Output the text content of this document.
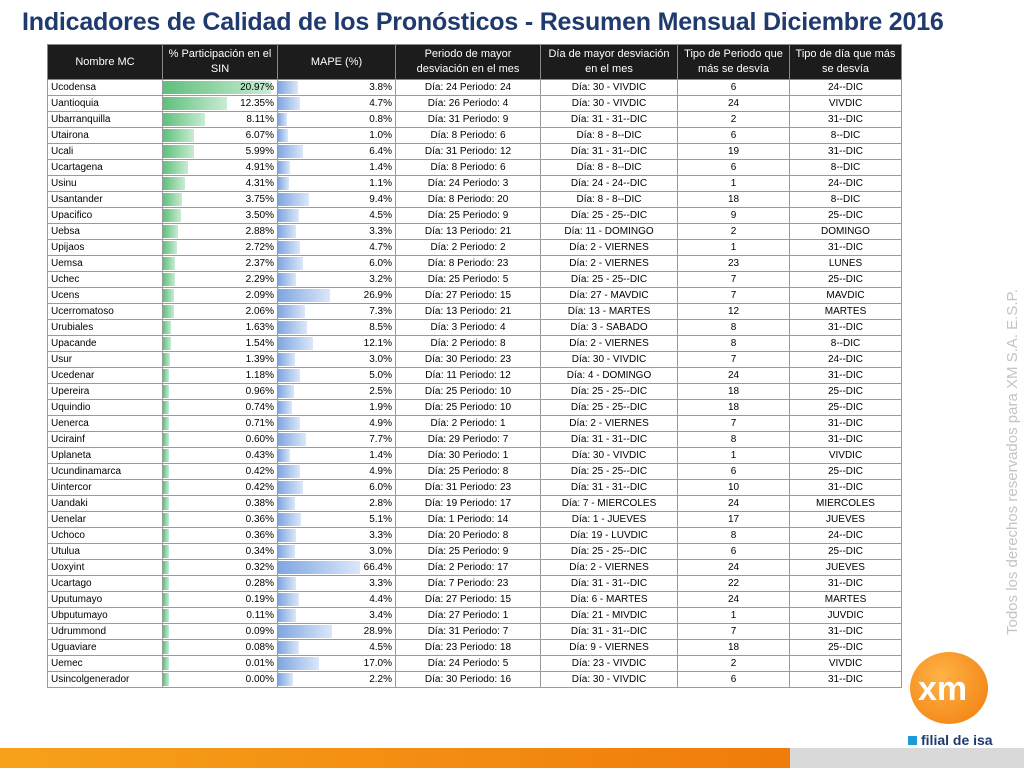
Indicadores de Calidad de los Pronósticos - Resumen Mensual Diciembre 2016
Nombre MC	% Participación en el SIN	MAPE (%)	Periodo de mayor desviación en el mes	Día de mayor desviación en el mes	Tipo de Periodo que más se desvía	Tipo de día que más se desvía
Ucodensa	20.97%	3.8%	Día: 24 Periodo: 24	Día: 30 - VIVDIC	6	24--DIC
Uantioquia	12.35%	4.7%	Día: 26 Periodo: 4	Día: 30 - VIVDIC	24	VIVDIC
Ubarranquilla	8.11%	0.8%	Día: 31 Periodo: 9	Día: 31 - 31--DIC	2	31--DIC
Utairona	6.07%	1.0%	Día: 8 Periodo: 6	Día: 8 - 8--DIC	6	8--DIC
Ucali	5.99%	6.4%	Día: 31 Periodo: 12	Día: 31 - 31--DIC	19	31--DIC
Ucartagena	4.91%	1.4%	Día: 8 Periodo: 6	Día: 8 - 8--DIC	6	8--DIC
Usinu	4.31%	1.1%	Día: 24 Periodo: 3	Día: 24 - 24--DIC	1	24--DIC
Usantander	3.75%	9.4%	Día: 8 Periodo: 20	Día: 8 - 8--DIC	18	8--DIC
Upacifico	3.50%	4.5%	Día: 25 Periodo: 9	Día: 25 - 25--DIC	9	25--DIC
Uebsa	2.88%	3.3%	Día: 13 Periodo: 21	Día: 11 - DOMINGO	2	DOMINGO
Upijaos	2.72%	4.7%	Día: 2 Periodo: 2	Día: 2 - VIERNES	1	31--DIC
Uemsa	2.37%	6.0%	Día: 8 Periodo: 23	Día: 2 - VIERNES	23	LUNES
Uchec	2.29%	3.2%	Día: 25 Periodo: 5	Día: 25 - 25--DIC	7	25--DIC
Ucens	2.09%	26.9%	Día: 27 Periodo: 15	Día: 27 - MAVDIC	7	MAVDIC
Ucerromatoso	2.06%	7.3%	Día: 13 Periodo: 21	Día: 13 - MARTES	12	MARTES
Urubiales	1.63%	8.5%	Día: 3 Periodo: 4	Día: 3 - SABADO	8	31--DIC
Upacande	1.54%	12.1%	Día: 2 Periodo: 8	Día: 2 - VIERNES	8	8--DIC
Usur	1.39%	3.0%	Día: 30 Periodo: 23	Día: 30 - VIVDIC	7	24--DIC
Ucedenar	1.18%	5.0%	Día: 11 Periodo: 12	Día: 4 - DOMINGO	24	31--DIC
Upereira	0.96%	2.5%	Día: 25 Periodo: 10	Día: 25 - 25--DIC	18	25--DIC
Uquindio	0.74%	1.9%	Día: 25 Periodo: 10	Día: 25 - 25--DIC	18	25--DIC
Uenerca	0.71%	4.9%	Día: 2 Periodo: 1	Día: 2 - VIERNES	7	31--DIC
Ucirainf	0.60%	7.7%	Día: 29 Periodo: 7	Día: 31 - 31--DIC	8	31--DIC
Uplaneta	0.43%	1.4%	Día: 30 Periodo: 1	Día: 30 - VIVDIC	1	VIVDIC
Ucundinamarca	0.42%	4.9%	Día: 25 Periodo: 8	Día: 25 - 25--DIC	6	25--DIC
Uintercor	0.42%	6.0%	Día: 31 Periodo: 23	Día: 31 - 31--DIC	10	31--DIC
Uandaki	0.38%	2.8%	Día: 19 Periodo: 17	Día: 7 - MIERCOLES	24	MIERCOLES
Uenelar	0.36%	5.1%	Día: 1 Periodo: 14	Día: 1 - JUEVES	17	JUEVES
Uchoco	0.36%	3.3%	Día: 20 Periodo: 8	Día: 19 - LUVDIC	8	24--DIC
Utulua	0.34%	3.0%	Día: 25 Periodo: 9	Día: 25 - 25--DIC	6	25--DIC
Uoxyint	0.32%	66.4%	Día: 2 Periodo: 17	Día: 2 - VIERNES	24	JUEVES
Ucartago	0.28%	3.3%	Día: 7 Periodo: 23	Día: 31 - 31--DIC	22	31--DIC
Uputumayo	0.19%	4.4%	Día: 27 Periodo: 15	Día: 6 - MARTES	24	MARTES
Ubputumayo	0.11%	3.4%	Día: 27 Periodo: 1	Día: 21 - MIVDIC	1	JUVDIC
Udrummond	0.09%	28.9%	Día: 31 Periodo: 7	Día: 31 - 31--DIC	7	31--DIC
Uguaviare	0.08%	4.5%	Día: 23 Periodo: 18	Día: 9 - VIERNES	18	25--DIC
Uemec	0.01%	17.0%	Día: 24 Periodo: 5	Día: 23 - VIVDIC	2	VIVDIC
Usincolgenerador	0.00%	2.2%	Día: 30 Periodo: 16	Día: 30 - VIVDIC	6	31--DIC
Todos los derechos reservados para XM S.A. E.S.P.
xm
filial de isa
